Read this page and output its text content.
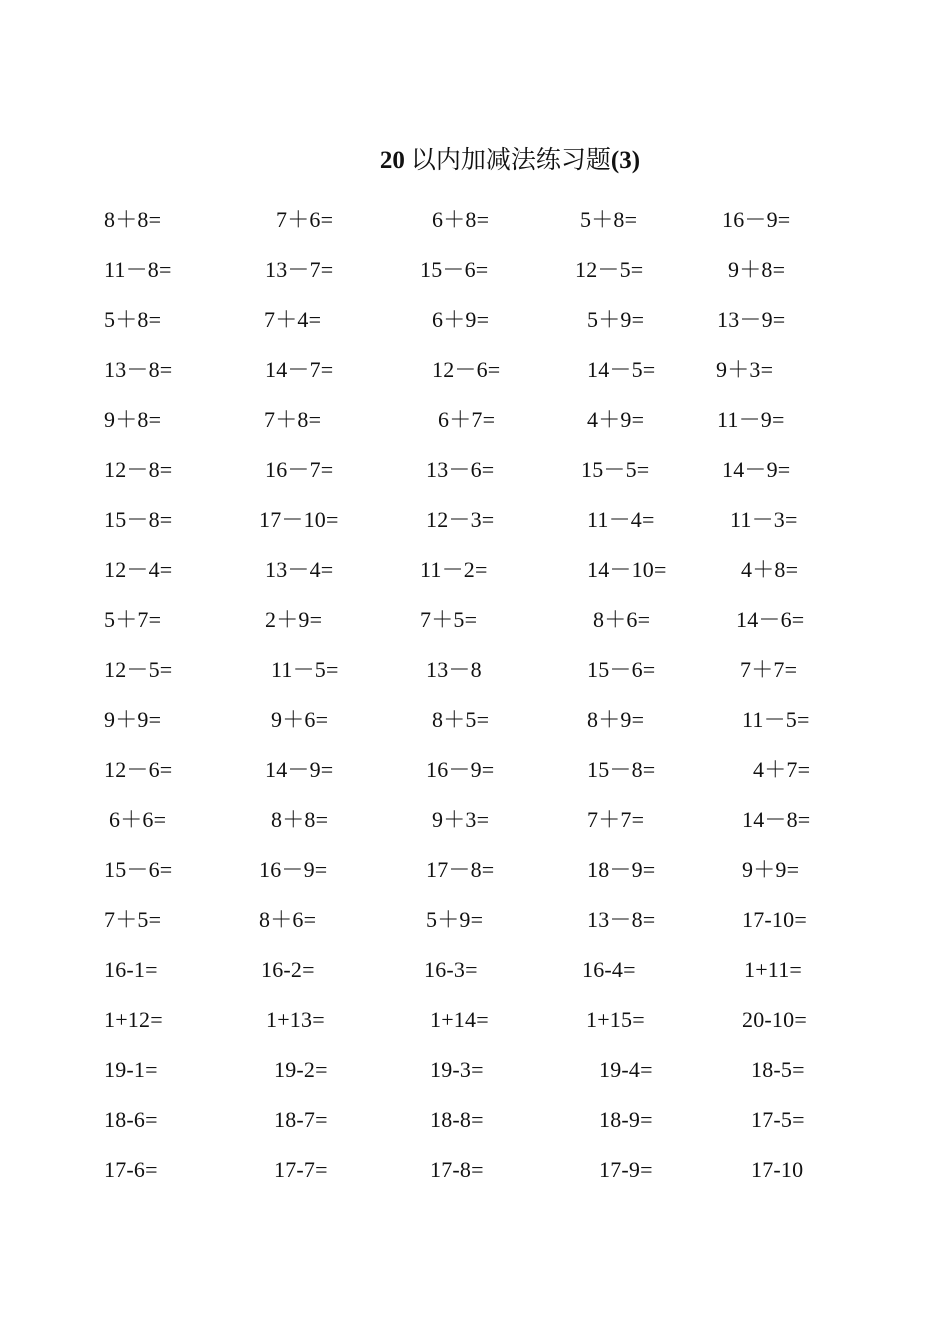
20 以内加减法练习题(3)
8＋8=	7＋6=	6＋8=	5＋8=	16－9=
11－8=	13－7=	15－6=	12－5=	9＋8=
5＋8=	7＋4=	6＋9=	5＋9=	13－9=
13－8=	14－7=	12－6=	14－5=	9＋3=
9＋8=	7＋8=	6＋7=	4＋9=	11－9=
12－8=	16－7=	13－6=	15－5=	14－9=
15－8=	17－10=	12－3=	11－4=	11－3=
12－4=	13－4=	11－2=	14－10=	4＋8=
5＋7=	2＋9=	7＋5=	8＋6=	14－6=
12－5=	11－5=	13－8	15－6=	7＋7=
9＋9=	9＋6=	8＋5=	8＋9=	11－5=
12－6=	14－9=	16－9=	15－8=	4＋7=
6＋6=	8＋8=	9＋3=	7＋7=	14－8=
15－6=	16－9=	17－8=	18－9=	9＋9=
7＋5=	8＋6=	5＋9=	13－8=	17-10=
16-1=	16-2=	16-3=	16-4=	1+11=
1+12=	1+13=	1+14=	1+15=	20-10=
19-1=	19-2=	19-3=	19-4=	18-5=
18-6=	18-7=	18-8=	18-9=	17-5=
17-6=	17-7=	17-8=	17-9=	17-10
